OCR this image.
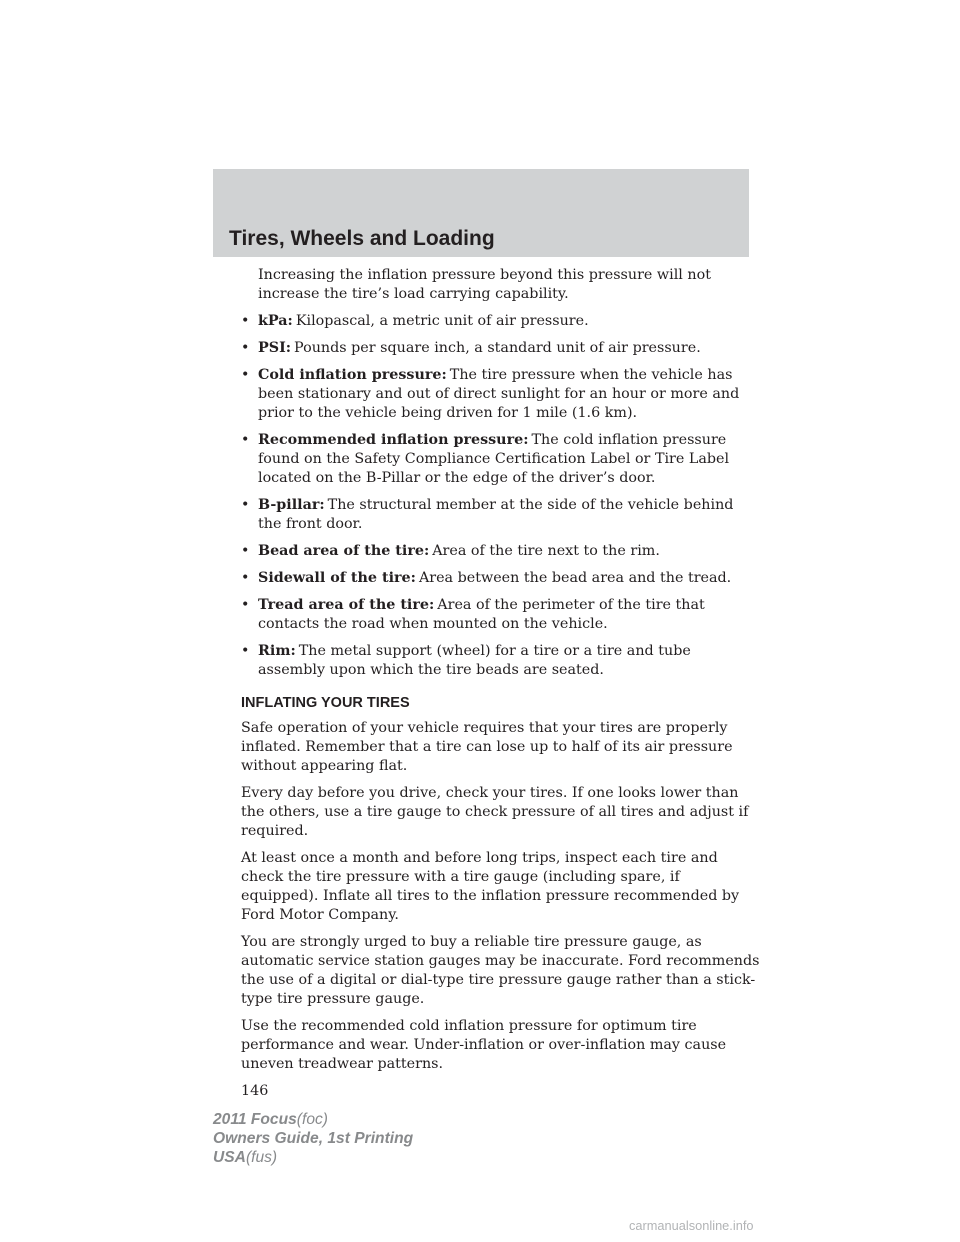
Tires, Wheels and Loading

Increasing the inflation pressure beyond this pressure will not increase the tire’s load carrying capability.

• kPa: Kilopascal, a metric unit of air pressure.
• PSI: Pounds per square inch, a standard unit of air pressure.
• Cold inflation pressure: The tire pressure when the vehicle has been stationary and out of direct sunlight for an hour or more and prior to the vehicle being driven for 1 mile (1.6 km).
• Recommended inflation pressure: The cold inflation pressure found on the Safety Compliance Certification Label or Tire Label located on the B-Pillar or the edge of the driver’s door.
• B-pillar: The structural member at the side of the vehicle behind the front door.
• Bead area of the tire: Area of the tire next to the rim.
• Sidewall of the tire: Area between the bead area and the tread.
• Tread area of the tire: Area of the perimeter of the tire that contacts the road when mounted on the vehicle.
• Rim: The metal support (wheel) for a tire or a tire and tube assembly upon which the tire beads are seated.
INFLATING YOUR TIRES

Safe operation of your vehicle requires that your tires are properly inflated. Remember that a tire can lose up to half of its air pressure without appearing flat.

Every day before you drive, check your tires. If one looks lower than the others, use a tire gauge to check pressure of all tires and adjust if required.

At least once a month and before long trips, inspect each tire and check the tire pressure with a tire gauge (including spare, if equipped). Inflate all tires to the inflation pressure recommended by Ford Motor Company.

You are strongly urged to buy a reliable tire pressure gauge, as automatic service station gauges may be inaccurate. Ford recommends the use of a digital or dial-type tire pressure gauge rather than a stick-type tire pressure gauge.

Use the recommended cold inflation pressure for optimum tire performance and wear. Under-inflation or over-inflation may cause uneven treadwear patterns.

146
2011 Focus(foc)
Owners Guide, 1st Printing
USA(fus)
carmanualsonline.info
